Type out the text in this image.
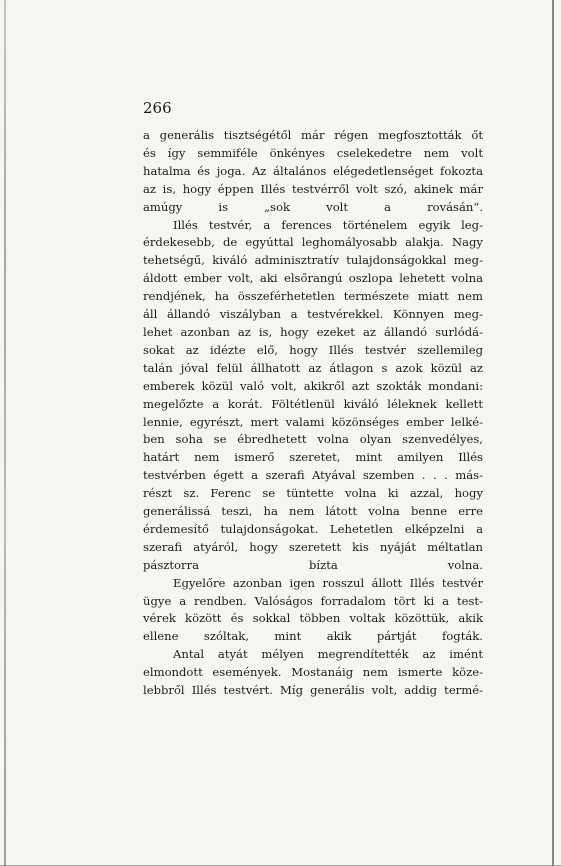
266

a generális tisztségétől már régen megfosztották őt
és így semmiféle önkényes cselekedetre nem volt
hatalma és joga. Az általános elégedetlenséget fokozta
az is, hogy éppen Illés testvérről volt szó, akinek már
amúgy is „sok volt a rovásán“.

Illés testvér, a ferences történelem egyik leg-
érdekesebb, de egyúttal leghomályosabb alakja. Nagy
tehetségű, kiváló adminisztratív tulajdonságokkal meg-
áldott ember volt, aki elsőrangú oszlopa lehetett volna
rendjének, ha összeférhetetlen természete miatt nem
áll állandó viszályban a testvérekkel. Könnyen meg-
lehet azonban az is, hogy ezeket az állandó surlódá-
sokat az idézte elő, hogy Illés testvér szellemileg
talán jóval felül állhatott az átlagon s azok közül az
emberek közül való volt, akikről azt szokták mondani:
megelőzte a korát. Föltétlenül kiváló léleknek kellett
lennie, egyrészt, mert valami közönséges ember lelké-
ben soha se ébredhetett volna olyan szenvedélyes,
határt nem ismerő szeretet, mint amilyen Illés
testvérben égett a szerafi Atyával szemben . . . más-
részt sz. Ferenc se tüntette volna ki azzal, hogy
generálissá teszi, ha nem látott volna benne erre
érdemesítő tulajdonságokat. Lehetetlen elképzelni a
szerafi atyáról, hogy szeretett kis nyáját méltatlan
pásztorra bízta volna.

Egyelőre azonban igen rosszul állott Illés testvér
ügye a rendben. Valóságos forradalom tört ki a test-
vérek között és sokkal többen voltak közöttük, akik
ellene szóltak, mint akik pártját fogták.

Antal atyát mélyen megrendítették az imént
elmondott események. Mostanáig nem ismerte köze-
lebbről Illés testvért. Míg generális volt, addig termé-
